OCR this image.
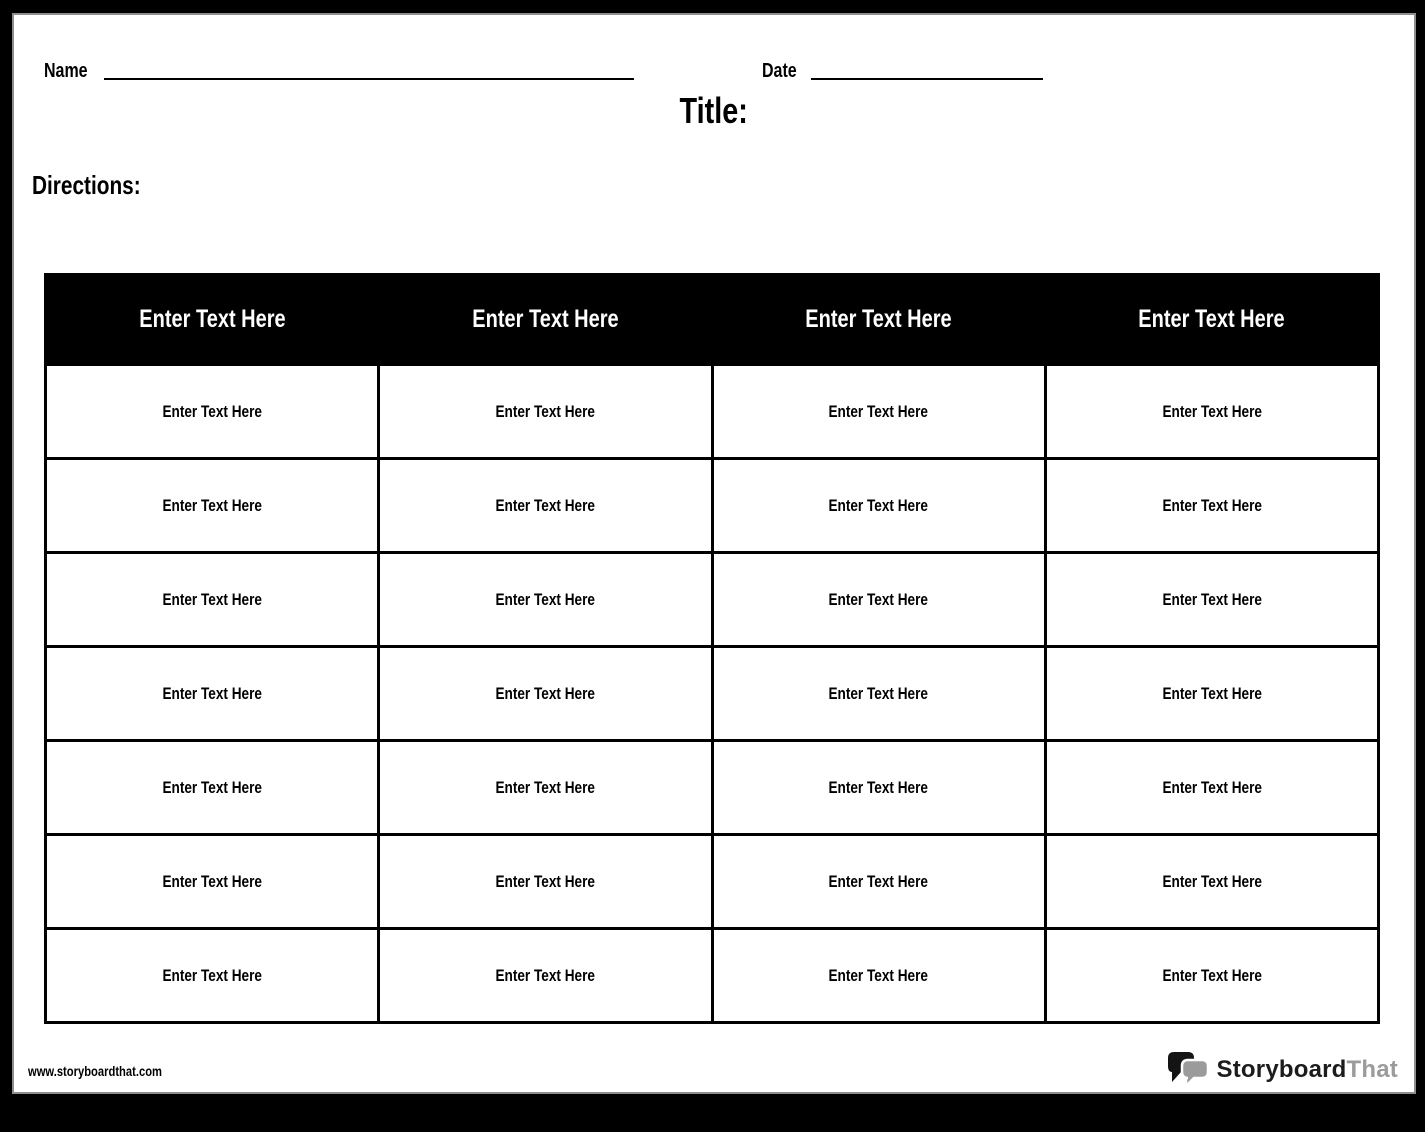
Name	Date
Title:
Directions:
Enter Text Here	Enter Text Here	Enter Text Here	Enter Text Here
Enter Text Here	Enter Text Here	Enter Text Here	Enter Text Here
Enter Text Here	Enter Text Here	Enter Text Here	Enter Text Here
Enter Text Here	Enter Text Here	Enter Text Here	Enter Text Here
Enter Text Here	Enter Text Here	Enter Text Here	Enter Text Here
Enter Text Here	Enter Text Here	Enter Text Here	Enter Text Here
Enter Text Here	Enter Text Here	Enter Text Here	Enter Text Here
Enter Text Here	Enter Text Here	Enter Text Here	Enter Text Here
www.storyboardthat.com	StoryboardThat
